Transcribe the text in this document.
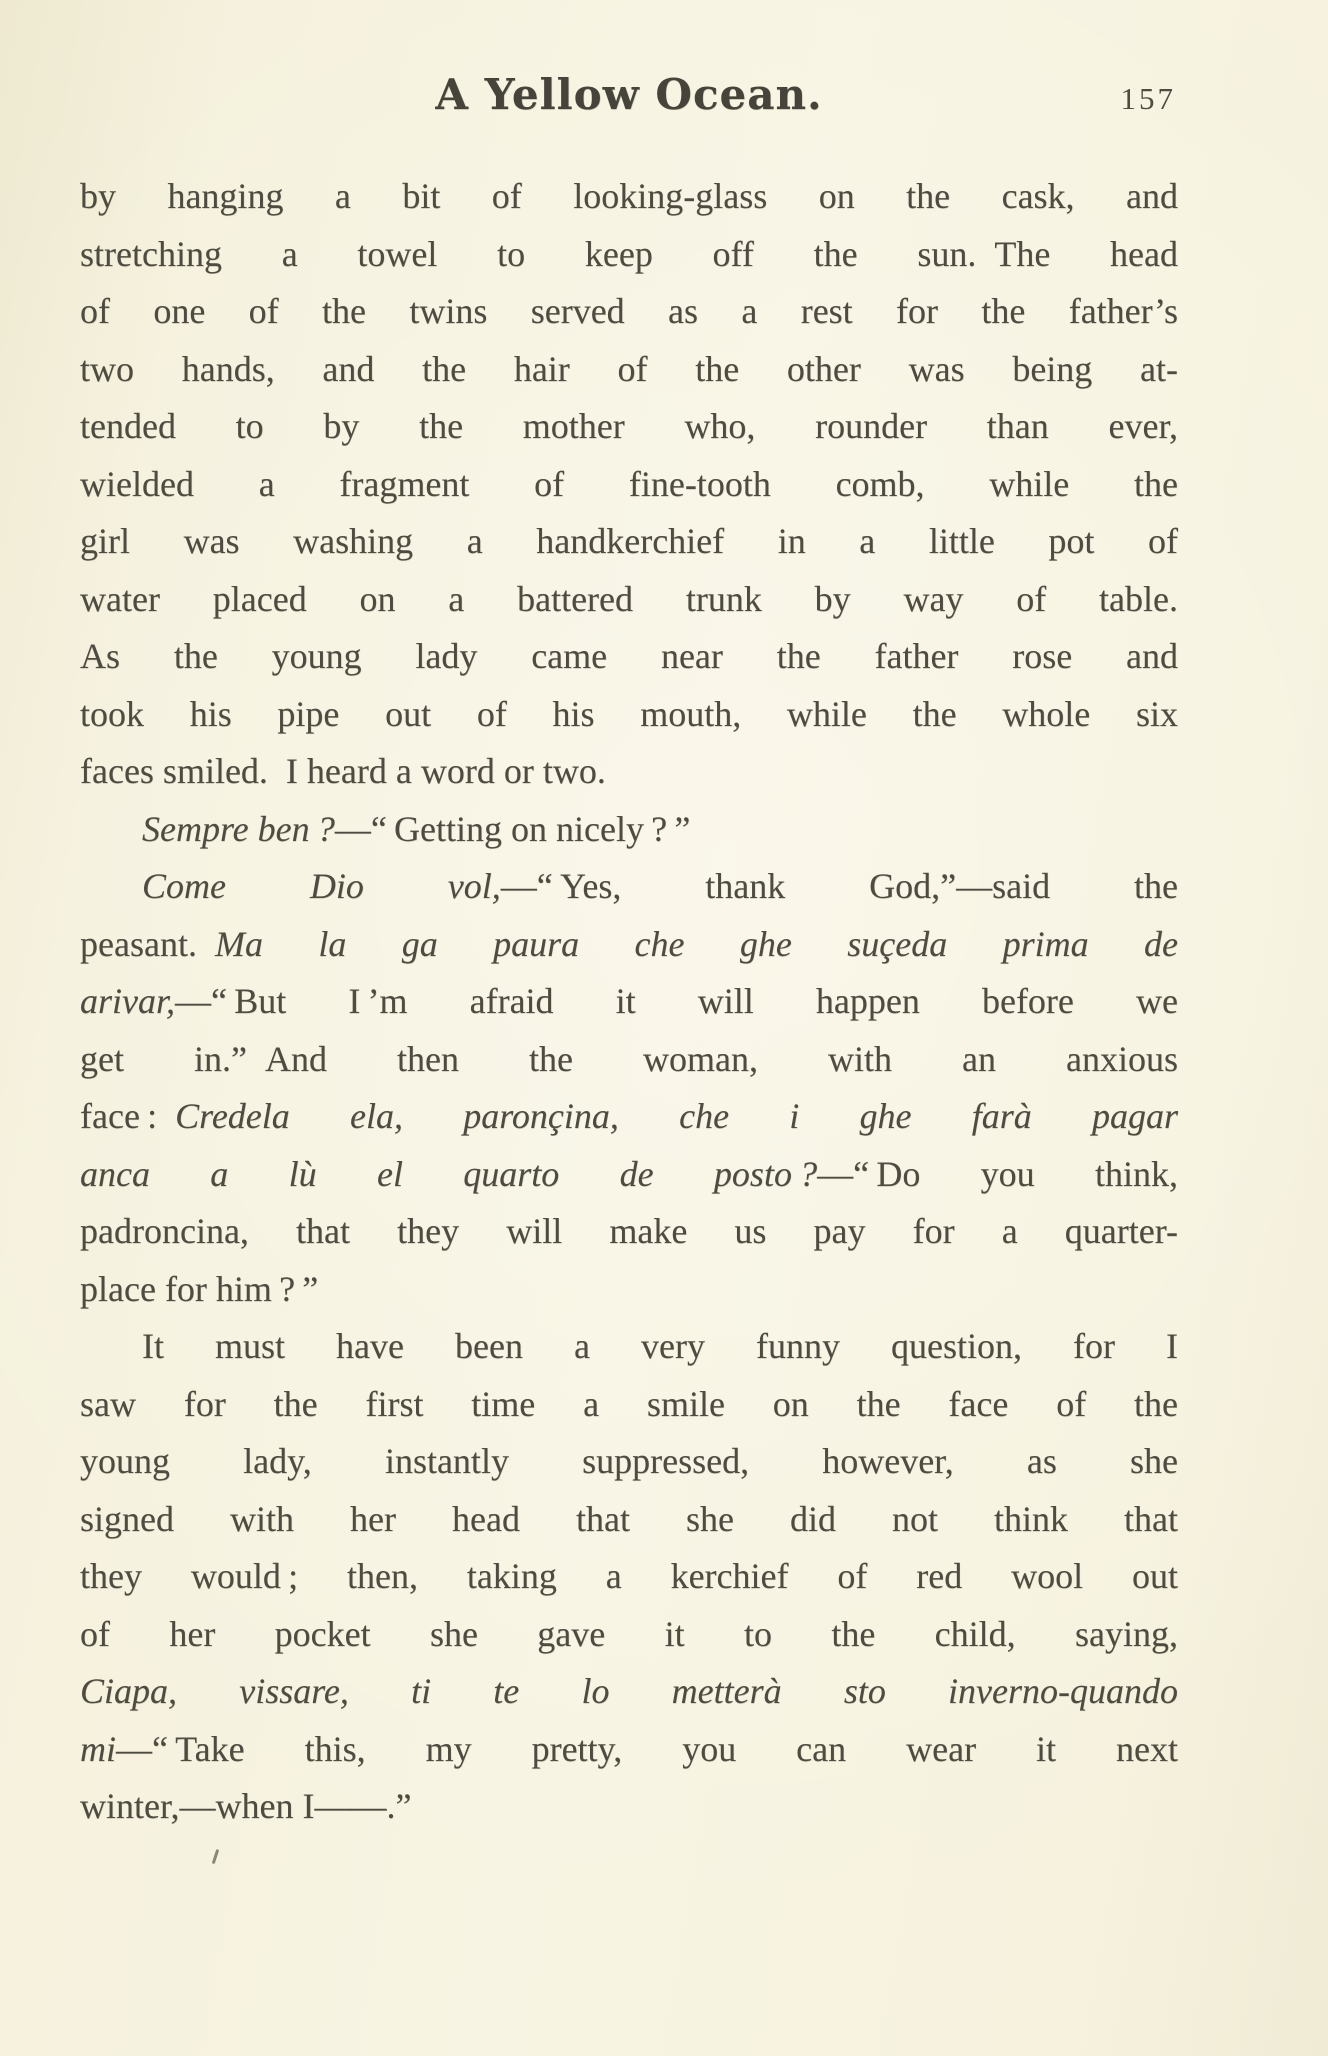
A Yellow Ocean.	157
by hanging a bit of looking-glass on the cask, and
stretching a towel to keep off the sun. The head
of one of the twins served as a rest for the father’s
two hands, and the hair of the other was being at-
tended to by the mother who, rounder than ever,
wielded a fragment of fine-tooth comb, while the
girl was washing a handkerchief in a little pot of
water placed on a battered trunk by way of table.
As the young lady came near the father rose and
took his pipe out of his mouth, while the whole six
faces smiled. I heard a word or two.
Sempre ben ?—“ Getting on nicely ? ”
Come Dio vol,—“ Yes, thank God,”—said the
peasant. Ma la ga paura che ghe suçeda prima de
arivar,—“ But I ’m afraid it will happen before we
get in.” And then the woman, with an anxious
face : Credela ela, paronçina, che i ghe farà pagar
anca a lù el quarto de posto ?—“ Do you think,
padroncina, that they will make us pay for a quarter-
place for him ? ”
It must have been a very funny question, for I
saw for the first time a smile on the face of the
young lady, instantly suppressed, however, as she
signed with her head that she did not think that
they would ; then, taking a kerchief of red wool out
of her pocket she gave it to the child, saying,
Ciapa, vissare, ti te lo metterà sto inverno-quando
mi—“ Take this, my pretty, you can wear it next
winter,—when I——.”
